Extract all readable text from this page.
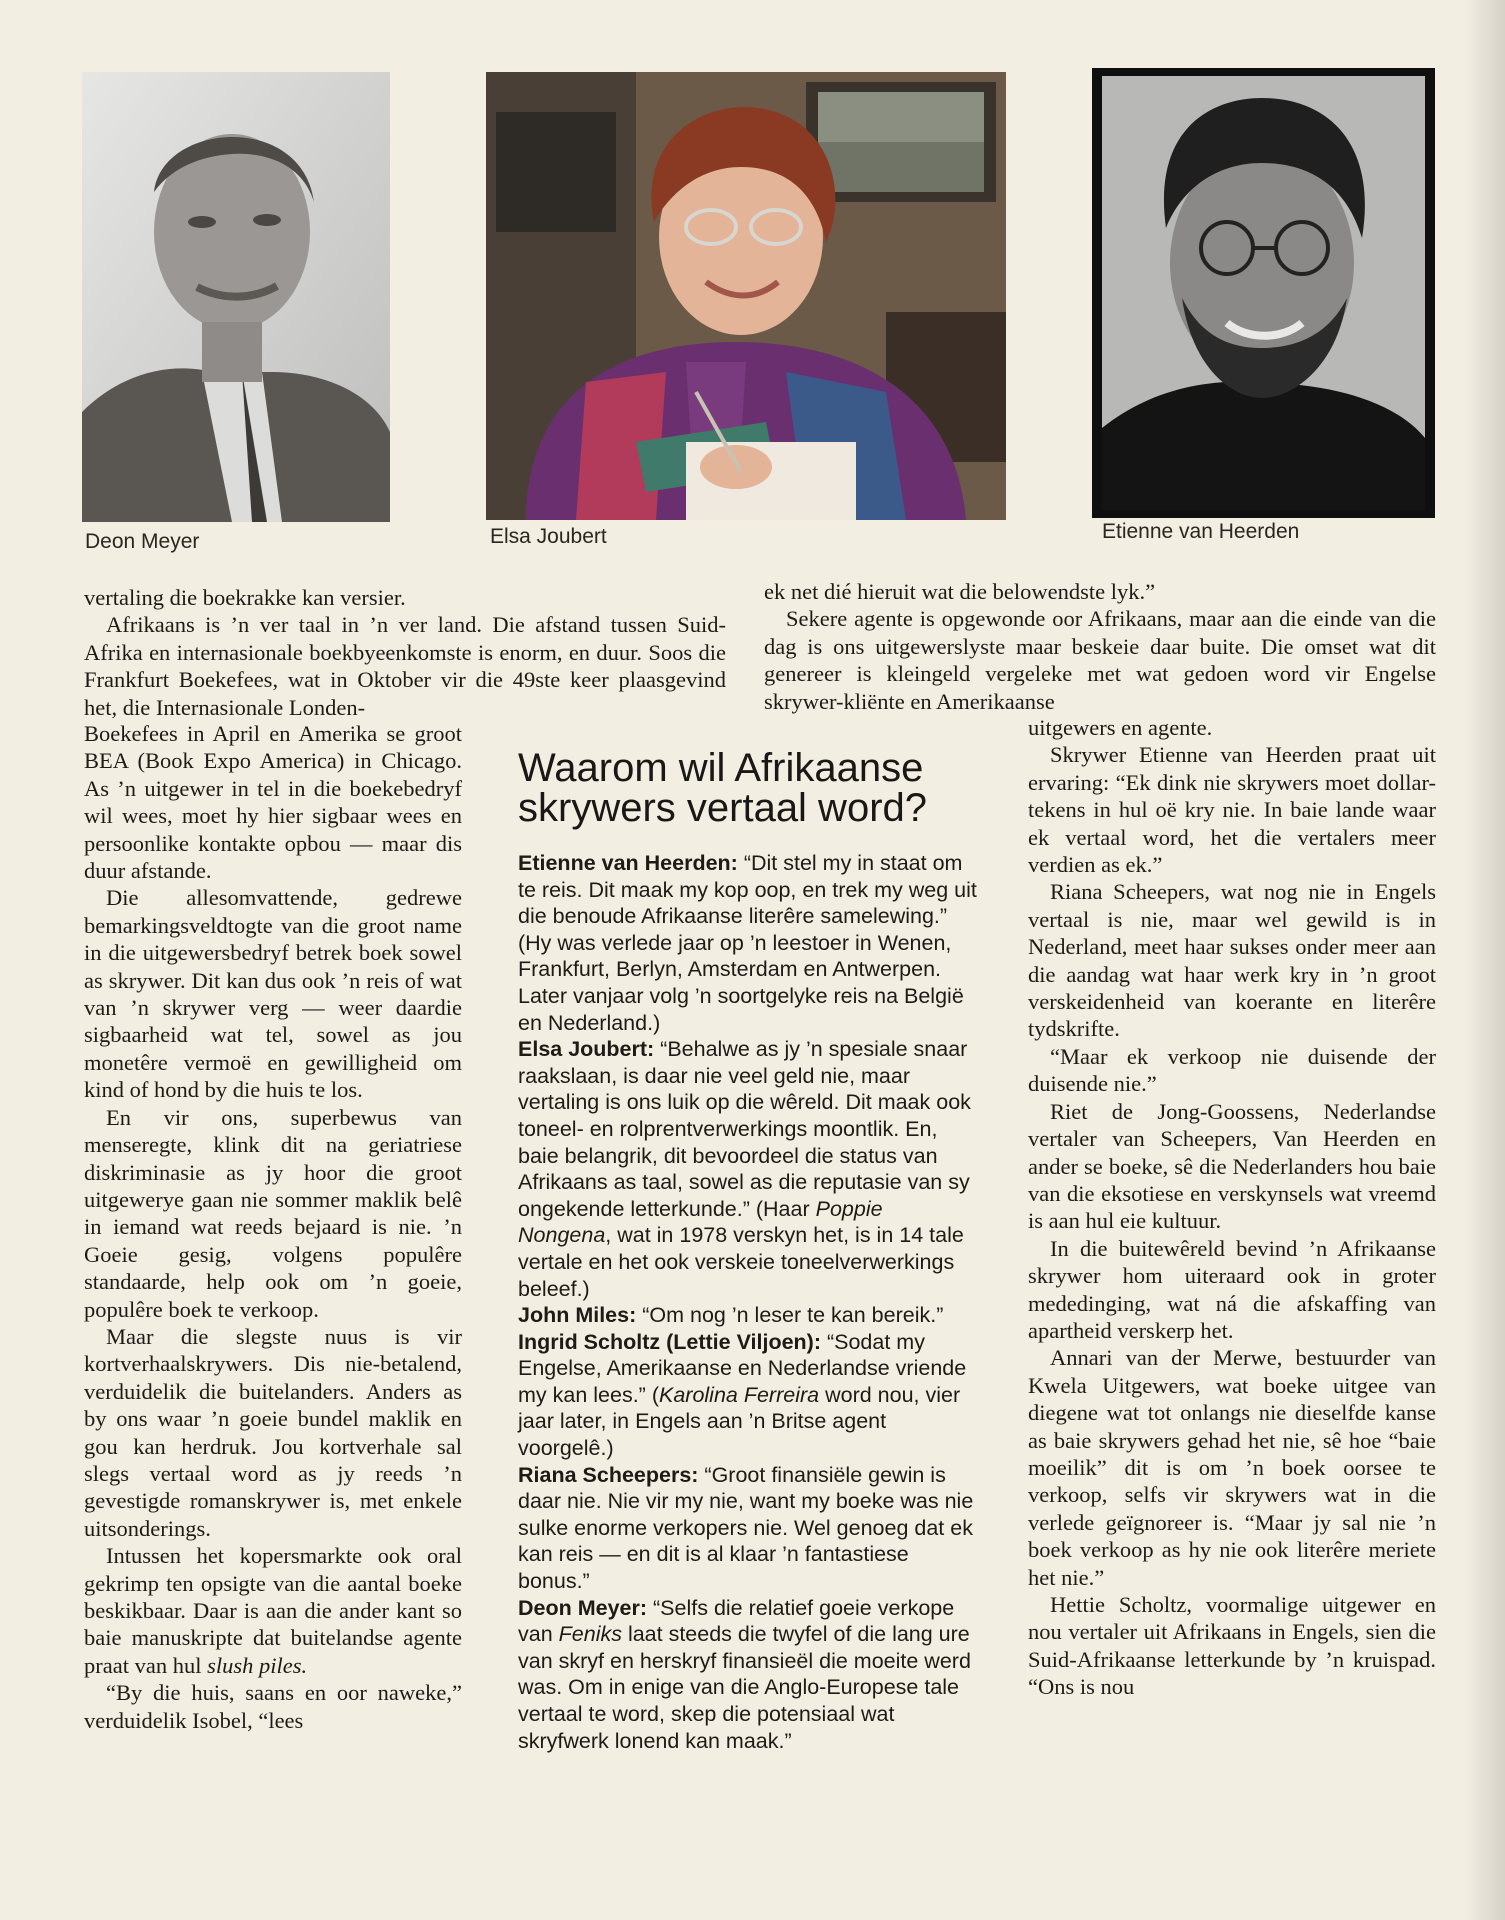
Deon Meyer	Elsa Joubert	Etienne van Heerden

vertaling die boekrakke kan versier.

Afrikaans is ’n ver taal in ’n ver land. Die afstand tussen Suid-Afrika en internasionale boekbyeenkomste is enorm, en duur. Soos die Frankfurt Boekefees, wat in Oktober vir die 49ste keer plaasgevind het, die Internasionale Londen-

Boekefees in April en Amerika se groot BEA (Book Expo America) in Chicago. As ’n uitgewer in tel in die boekebedryf wil wees, moet hy hier sigbaar wees en persoonlike kontakte opbou — maar dis duur afstande.

Die allesomvattende, gedrewe bemarkingsveldtogte van die groot name in die uitgewersbedryf betrek boek sowel as skrywer. Dit kan dus ook ’n reis of wat van ’n skrywer verg — weer daardie sigbaarheid wat tel, sowel as jou monetêre vermoë en gewilligheid om kind of hond by die huis te los.

En vir ons, superbewus van menseregte, klink dit na geriatriese diskriminasie as jy hoor die groot uitgewerye gaan nie sommer maklik belê in iemand wat reeds bejaard is nie. ’n Goeie gesig, volgens populêre standaarde, help ook om ’n goeie, populêre boek te verkoop.

Maar die slegste nuus is vir kortverhaalskrywers. Dis nie-betalend, verduidelik die buitelanders. Anders as by ons waar ’n goeie bundel maklik en gou kan herdruk. Jou kortverhale sal slegs vertaal word as jy reeds ’n gevestigde romanskrywer is, met enkele uitsonderings.

Intussen het kopersmarkte ook oral gekrimp ten opsigte van die aantal boeke beskikbaar. Daar is aan die ander kant so baie manuskripte dat buitelandse agente praat van hul slush piles.

“By die huis, saans en oor naweke,” verduidelik Isobel, “lees

ek net dié hieruit wat die belowendste lyk.”

Sekere agente is opgewonde oor Afrikaans, maar aan die einde van die dag is ons uitgewerslyste maar beskeie daar buite. Die omset wat dit genereer is kleingeld vergeleke met wat gedoen word vir Engelse skrywer-kliënte en Amerikaanse

uitgewers en agente.

Skrywer Etienne van Heerden praat uit ervaring: “Ek dink nie skrywers moet dollar-tekens in hul oë kry nie. In baie lande waar ek vertaal word, het die vertalers meer verdien as ek.”

Riana Scheepers, wat nog nie in Engels vertaal is nie, maar wel gewild is in Nederland, meet haar sukses onder meer aan die aandag wat haar werk kry in ’n groot verskeidenheid van koerante en literêre tydskrifte.

“Maar ek verkoop nie duisende der duisende nie.”

Riet de Jong-Goossens, Nederlandse vertaler van Scheepers, Van Heerden en ander se boeke, sê die Nederlanders hou baie van die eksotiese en verskynsels wat vreemd is aan hul eie kultuur.

In die buitewêreld bevind ’n Afrikaanse skrywer hom uiteraard ook in groter mededinging, wat ná die afskaffing van apartheid verskerp het.

Annari van der Merwe, bestuurder van Kwela Uitgewers, wat boeke uitgee van diegene wat tot onlangs nie dieselfde kanse as baie skrywers gehad het nie, sê hoe “baie moeilik” dit is om ’n boek oorsee te verkoop, selfs vir skrywers wat in die verlede geïgnoreer is. “Maar jy sal nie ’n boek verkoop as hy nie ook literêre meriete het nie.”

Hettie Scholtz, voormalige uitgewer en nou vertaler uit Afrikaans in Engels, sien die Suid-Afrikaanse letterkunde by ’n kruispad. “Ons is nou

Waarom wil Afrikaanse skrywers vertaal word?

Etienne van Heerden: “Dit stel my in staat om te reis. Dit maak my kop oop, en trek my weg uit die benoude Afrikaanse literêre samelewing.” (Hy was verlede jaar op ’n leestoer in Wenen, Frankfurt, Berlyn, Amsterdam en Antwerpen. Later vanjaar volg ’n soortgelyke reis na België en Nederland.)

Elsa Joubert: “Behalwe as jy ’n spesiale snaar raakslaan, is daar nie veel geld nie, maar vertaling is ons luik op die wêreld. Dit maak ook toneel- en rolprentverwerkings moontlik. En, baie belangrik, dit bevoordeel die status van Afrikaans as taal, sowel as die reputasie van sy ongekende letterkunde.” (Haar Poppie Nongena, wat in 1978 verskyn het, is in 14 tale vertale en het ook verskeie toneelverwerkings beleef.)

John Miles: “Om nog ’n leser te kan bereik.”

Ingrid Scholtz (Lettie Viljoen): “Sodat my Engelse, Amerikaanse en Nederlandse vriende my kan lees.” (Karolina Ferreira word nou, vier jaar later, in Engels aan ’n Britse agent voorgelê.)

Riana Scheepers: “Groot finansiële gewin is daar nie. Nie vir my nie, want my boeke was nie sulke enorme verkopers nie. Wel genoeg dat ek kan reis — en dit is al klaar ’n fantastiese bonus.”

Deon Meyer: “Selfs die relatief goeie verkope van Feniks laat steeds die twyfel of die lang ure van skryf en herskryf finansieël die moeite werd was. Om in enige van die Anglo-Europese tale vertaal te word, skep die potensiaal wat skryfwerk lonend kan maak.”
